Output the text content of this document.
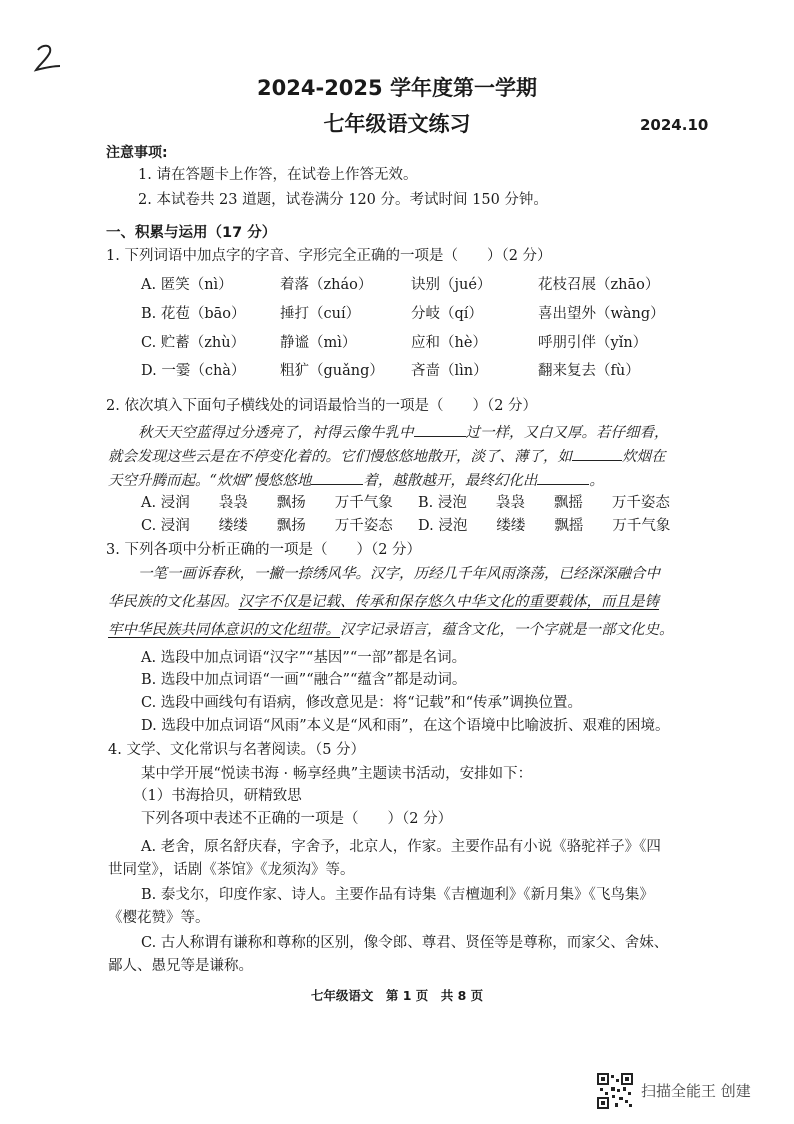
2024-2025 学年度第一学期
七年级语文练习	2024.10
注意事项:
1. 请在答题卡上作答，在试卷上作答无效。
2. 本试卷共 23 道题，试卷满分 120 分。考试时间 150 分钟。
一、积累与运用（17 分）
1. 下列词语中加点字的字音、字形完全正确的一项是（　　）（2 分）
A. 匿笑（nì）	着落（zháo）	诀别（jué）	花枝召展（zhāo）
B. 花苞（bāo） 捶打（cuí）	分岐（qí）	喜出望外（wàng）
C. 贮蓄（zhù） 静谧（mì）	应和（hè）	呼朋引伴（yǐn）
D. 一霎（chà） 粗犷（guǎng） 吝啬（lìn）	翻来复去（fù）
2. 依次填入下面句子横线处的词语最恰当的一项是（　　）（2 分）
秋天天空蓝得过分透亮了，衬得云像牛乳中	过一样，又白又厚。若仔细看，
就会发现这些云是在不停变化着的。它们慢悠悠地散开，淡了、薄了，如	炊烟在
天空升腾而起。“炊烟”慢悠悠地	着，越散越开，最终幻化出	。
A. 浸润　　袅袅　　飘扬　　万千气象 B. 浸泡　　袅袅　　飘摇　　万千姿态
C. 浸润　　缕缕　　飘扬　　万千姿态 D. 浸泡　　缕缕　　飘摇　　万千气象
3. 下列各项中分析正确的一项是（　　）（2 分）
一笔一画诉春秋，一撇一捺绣风华。汉字，历经几千年风雨涤荡，已经深深融合中
华民族的文化基因。汉字不仅是记载、传承和保存悠久中华文化的重要载体，而且是铸
牢中华民族共同体意识的文化纽带。汉字记录语言，蕴含文化，一个字就是一部文化史。
A. 选段中加点词语“汉字”“基因”“一部”都是名词。
B. 选段中加点词语“一画”“融合”“蕴含”都是动词。
C. 选段中画线句有语病，修改意见是：将“记载”和“传承”调换位置。
D. 选段中加点词语“风雨”本义是“风和雨”，在这个语境中比喻波折、艰难的困境。
4. 文学、文化常识与名著阅读。（5 分）
某中学开展“悦读书海 · 畅享经典”主题读书活动，安排如下：
（1）书海拾贝，研精致思
下列各项中表述不正确的一项是（　　）（2 分）
A. 老舍，原名舒庆春，字舍予，北京人，作家。主要作品有小说《骆驼祥子》《四
世同堂》，话剧《茶馆》《龙须沟》等。
B. 泰戈尔，印度作家、诗人。主要作品有诗集《吉檀迦利》《新月集》《飞鸟集》
《樱花赞》等。
C. 古人称谓有谦称和尊称的区别，像令郎、尊君、贤侄等是尊称，而家父、舍妹、
鄙人、愚兄等是谦称。
七年级语文　第 1 页　共 8 页
扫描全能王 创建
